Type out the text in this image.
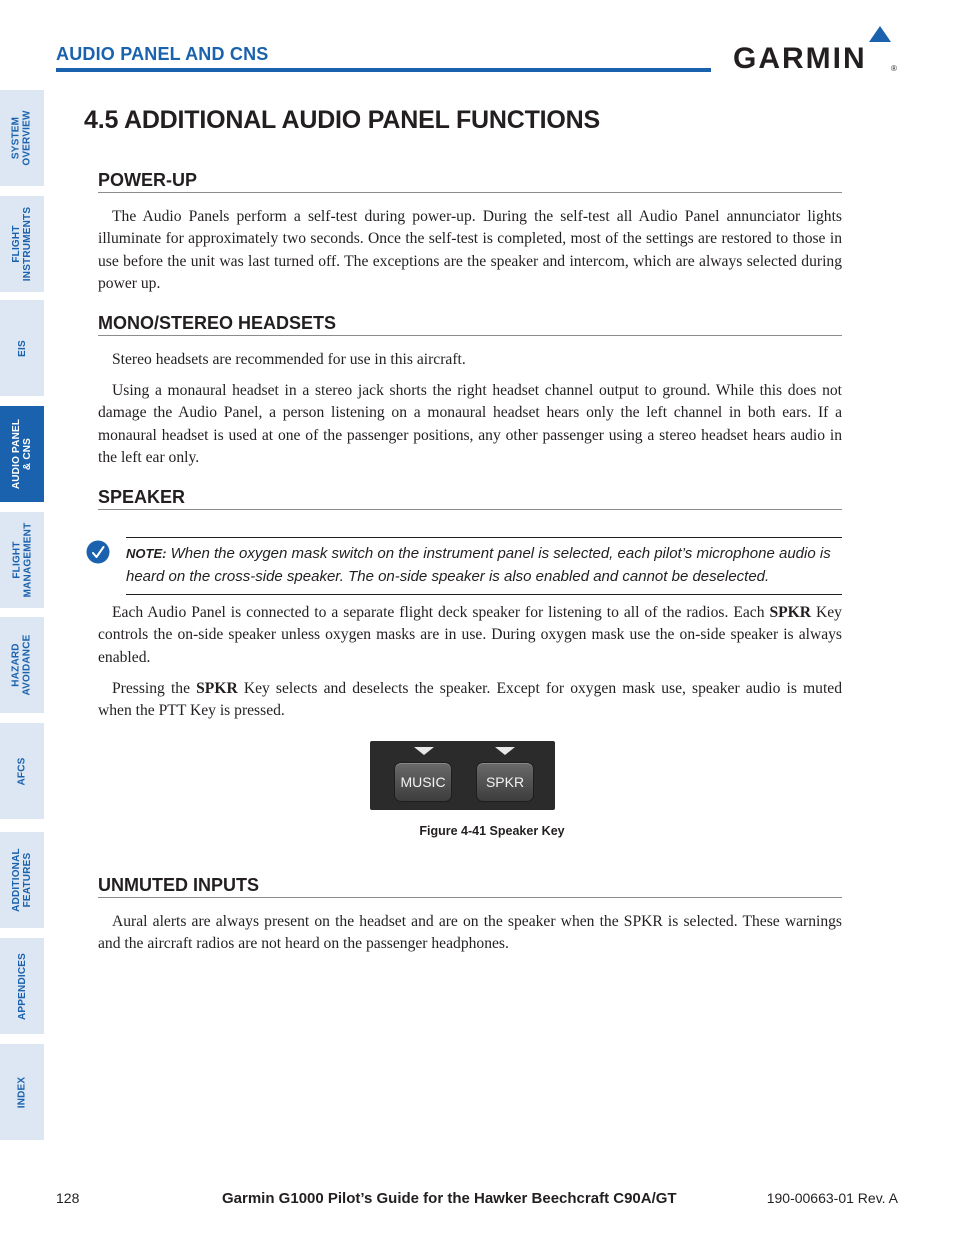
SYSTEM
OVERVIEW
FLIGHT
INSTRUMENTS
EIS
AUDIO PANEL
& CNS
FLIGHT
MANAGEMENT
HAZARD
AVOIDANCE
AFCS
ADDITIONAL
FEATURES
APPENDICES
INDEX
AUDIO PANEL AND CNS	GARMIN	®
4.5 ADDITIONAL AUDIO PANEL FUNCTIONS
POWER-UP

The Audio Panels perform a self-test during power-up. During the self-test all Audio Panel annunciator lights illuminate for approximately two seconds. Once the self-test is completed, most of the settings are restored to those in use before the unit was last turned off. The exceptions are the speaker and intercom, which are always selected during power up.

MONO/STEREO HEADSETS

Stereo headsets are recommended for use in this aircraft.

Using a monaural headset in a stereo jack shorts the right headset channel output to ground. While this does not damage the Audio Panel, a person listening on a monaural headset hears only the left channel in both ears. If a monaural headset is used at one of the passenger positions, any other passenger using a stereo headset hears audio in the left ear only.

SPEAKER

NOTE: When the oxygen mask switch on the instrument panel is selected, each pilot’s microphone audio is heard on the cross-side speaker. The on-side speaker is also enabled and cannot be deselected.

Each Audio Panel is connected to a separate flight deck speaker for listening to all of the radios. Each SPKR Key controls the on-side speaker unless oxygen masks are in use. During oxygen mask use the on-side speaker is always enabled.

Pressing the SPKR Key selects and deselects the speaker. Except for oxygen mask use, speaker audio is muted when the PTT Key is pressed.

MUSIC	SPKR
Figure 4-41 Speaker Key
UNMUTED INPUTS

Aural alerts are always present on the headset and are on the speaker when the SPKR is selected. These warnings and the aircraft radios are not heard on the passenger headphones.

128	Garmin G1000 Pilot’s Guide for the Hawker Beechcraft C90A/GT	190-00663-01 Rev. A
